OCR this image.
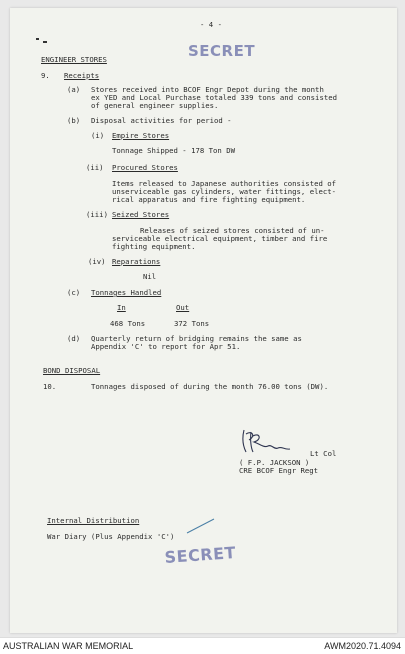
- 4 -
SECRET
ENGINEER STORES
9. Receipts
(a) Stores received into BCOF Engr Depot during the month
ex YED and Local Purchase totaled 339 tons and consisted
of general engineer supplies.
(b) Disposal activities for period -
(i) Empire Stores
Tonnage Shipped - 178 Ton DW
(ii) Procured Stores
Items released to Japanese authorities consisted of
unserviceable gas cylinders, water fittings, elect-
rical apparatus and fire fighting equipment.
(iii) Seized Stores
Releases of seized stores consisted of un-
serviceable electrical equipment, timber and fire
fighting equipment.
(iv) Reparations
Nil
(c) Tonnages Handled
In	Out
468 Tons	372 Tons
(d) Quarterly return of bridging remains the same as
Appendix 'C' to report for Apr 51.
BOND DISPOSAL
10.	Tonnages disposed of during the month 76.00 tons (DW).
Lt Col
( F.P. JACKSON )
CRE BCOF Engr Regt
Internal Distribution
War Diary (Plus Appendix 'C')
SECRET
AUSTRALIAN WAR MEMORIAL	AWM2020.71.4094
